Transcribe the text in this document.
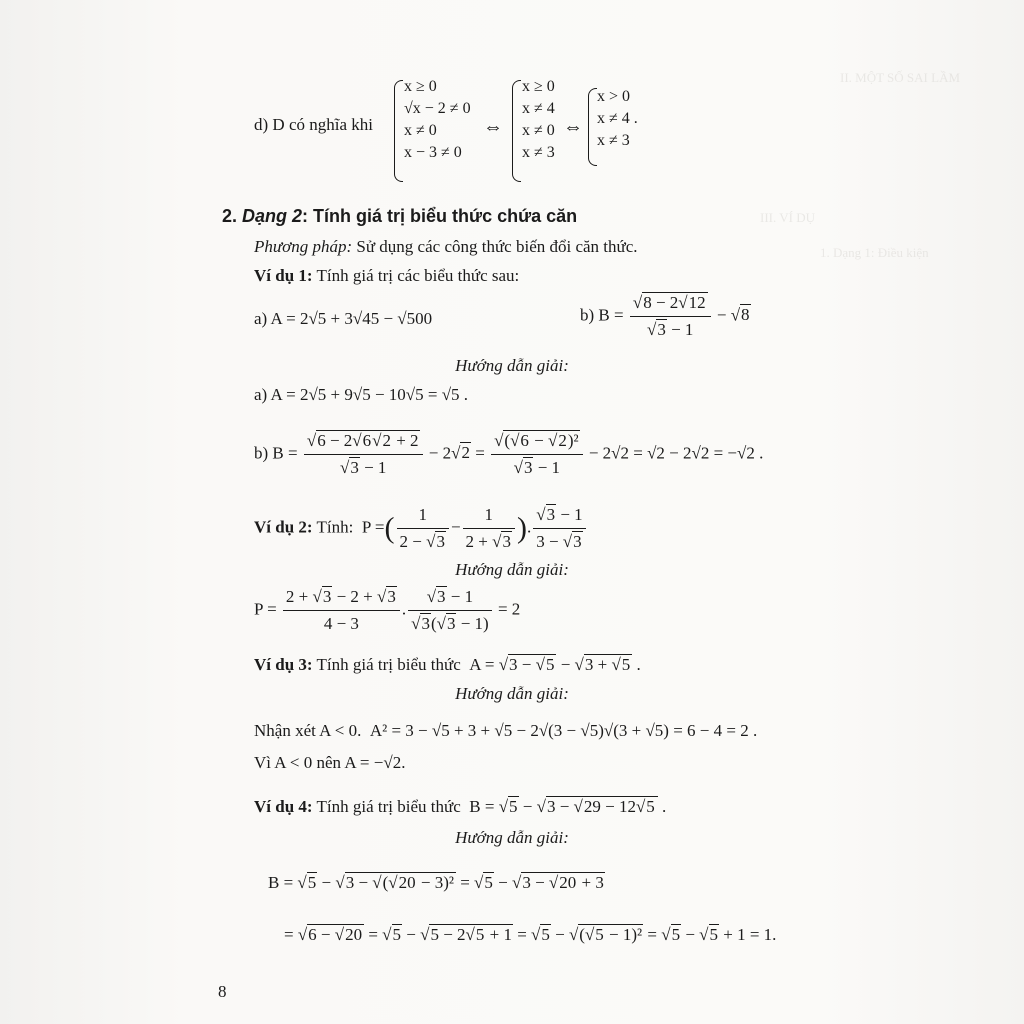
III. VÍ DỤ
1. Dạng 1: Điều kiện
II. MỘT SỐ SAI LẦM
d) D có nghĩa khi
x ≥ 0
√x − 2 ≠ 0
x ≠ 0
x − 3 ≠ 0
⇔
x ≥ 0
x ≠ 4
x ≠ 0
x ≠ 3
⇔
x > 0
x ≠ 4 .
x ≠ 3
2. Dạng 2: Tính giá trị biểu thức chứa căn
Phương pháp: Sử dụng các công thức biến đổi căn thức.
Ví dụ 1: Tính giá trị các biểu thức sau:
a) A = 2√5 + 3√45 − √500	b) $B = \frac{√8 - 2√12}{√3 - 1} - √8$
Hướng dẫn giải:
a) A = 2√5 + 9√5 − 10√5 = √5 .
b) $B = \frac{√6 - 2√6√2 + 2}{√3 - 1} - 2√2 = \frac{\text{√(√6 − √2)²}}{√3 - 1} - 2√2 = √2 - 2√2 = -√2$ .
Ví dụ 2: Tính:  P =( $\frac{1}{2 - √3} - \frac{1}{2 + √3}$ ). $\frac{√3 - 1}{3 - √3}$
Hướng dẫn giải:
$P = \frac{2 + √3 - 2 + √3}{4 - 3}$ . $\frac{√3 - 1}{√3(√3 - 1)} = 2$
Ví dụ 3: Tính giá trị biểu thức  A = √3 − √5 − √3 + √5 .
Hướng dẫn giải:
Nhận xét A < 0. A² = 3 − √5 + 3 + √5 − 2√(3 − √5)√(3 + √5) = 6 − 4 = 2 .
Vì A < 0 nên A = −√2.
Ví dụ 4: Tính giá trị biểu thức  B = √5 − √3 − √29 − 12√5 .
Hướng dẫn giải:
B = √5 − √3 − √(√20 − 3)² = √5 − √3 − √20 + 3
= √6 − √20 = √5 − √5 − 2√5 + 1 = √5 − √(√5 − 1)² = √5 − √5 + 1 = 1.
8
